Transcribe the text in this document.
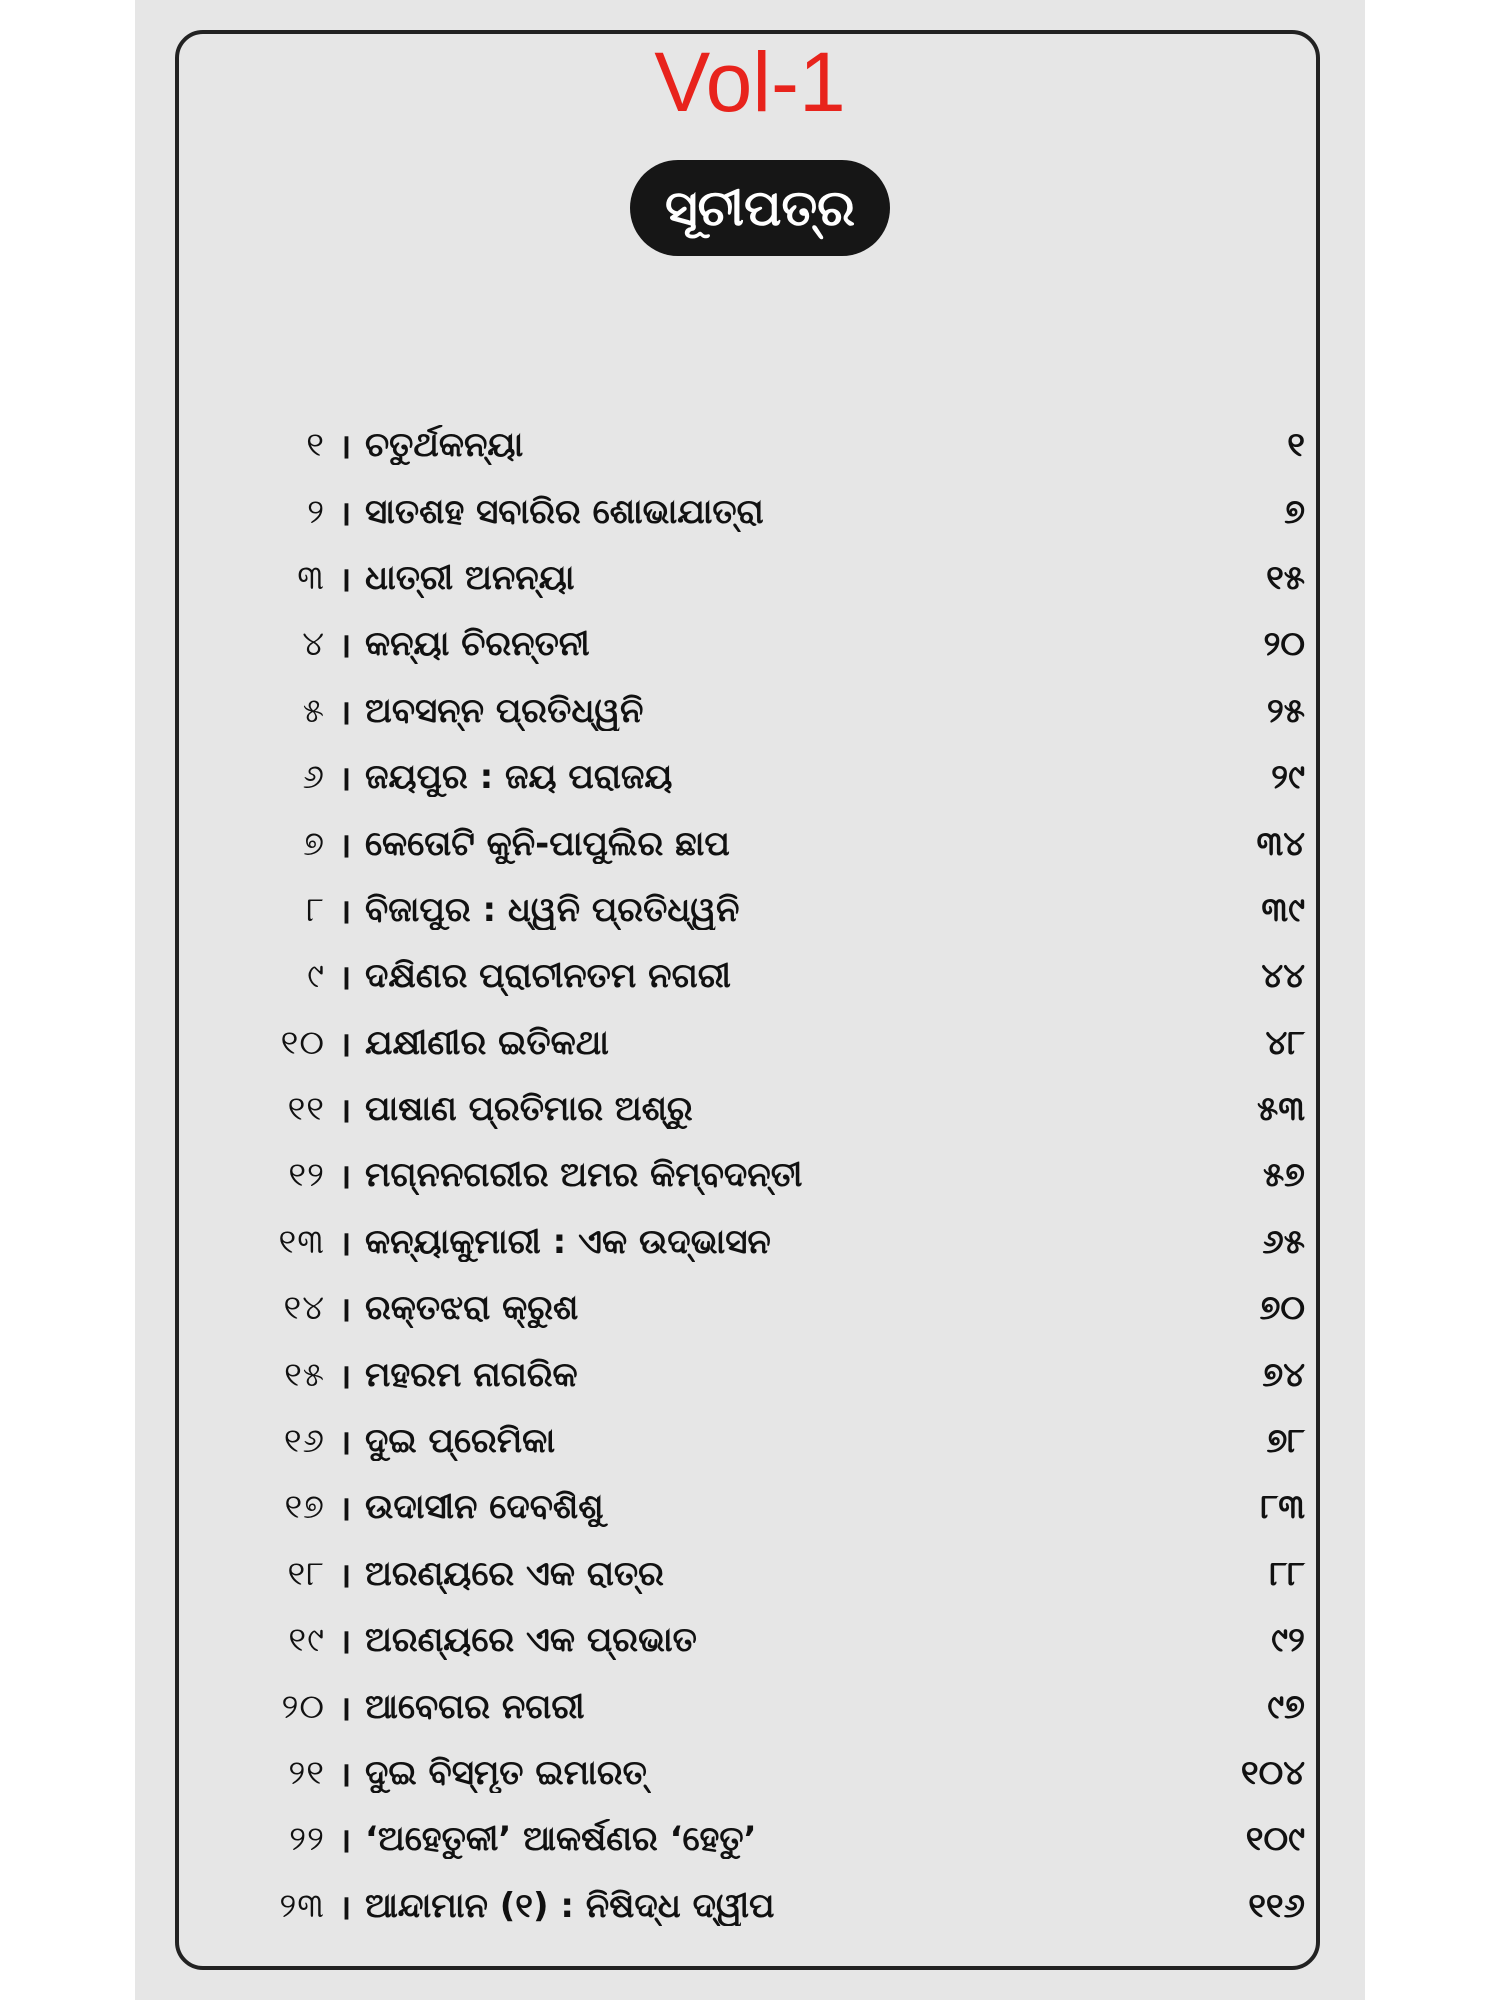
Vol-1
ସୂଚୀପତ୍ର
୧ । ଚତୁର୍ଥକନ୍ୟା	୧
୨ । ସାତଶହ ସବାରିର ଶୋଭାଯାତ୍ରା	୭
୩ । ଧାତ୍ରୀ ଅନନ୍ୟା	୧୫
୪ । କନ୍ୟା ଚିରନ୍ତନୀ	୨୦
୫ । ଅବସନ୍ନ ପ୍ରତିଧ୍ୱନି	୨୫
୬ । ଜୟପୁର : ଜୟ ପରାଜୟ	୨୯
୭ । କେତୋଟି କୁନି-ପାପୁଲିର ଛାପ	୩୪
୮ । ବିଜାପୁର : ଧ୍ୱନି ପ୍ରତିଧ୍ୱନି	୩୯
୯ । ଦକ୍ଷିଣର ପ୍ରାଚୀନତମ ନଗରୀ	୪୪
୧୦ । ଯକ୍ଷୀଣୀର ଇତିକଥା	୪୮
୧୧ । ପାଷାଣ ପ୍ରତିମାର ଅଶ୍ରୁ	୫୩
୧୨ । ମଗ୍ନନଗରୀର ଅମର କିମ୍ବଦନ୍ତୀ	୫୭
୧୩ । କନ୍ୟାକୁମାରୀ : ଏକ ଉଦ୍‌ଭାସନ	୬୫
୧୪ । ରକ୍ତଝରା କ୍ରୁଶ	୭୦
୧୫ । ମହରମ ନାଗରିକ	୭୪
୧୬ । ଦୁଇ ପ୍ରେମିକା	୭୮
୧୭ । ଉଦାସୀନ ଦେବଶିଶୁ	୮୩
୧୮ । ଅରଣ୍ୟରେ ଏକ ରାତ୍ର	୮୮
୧୯ । ଅରଣ୍ୟରେ ଏକ ପ୍ରଭାତ	୯୨
୨୦ । ଆବେଗର ନଗରୀ	୯୭
୨୧ । ଦୁଇ ବିସ୍ମୃତ ଇମାରତ୍	୧୦୪
୨୨ । ‘ଅହେତୁକୀ’ ଆକର୍ଷଣର ‘ହେତୁ’	୧୦୯
୨୩ । ଆନ୍ଦାମାନ (୧) : ନିଷିଦ୍ଧ ଦ୍ୱୀପ	୧୧୬
